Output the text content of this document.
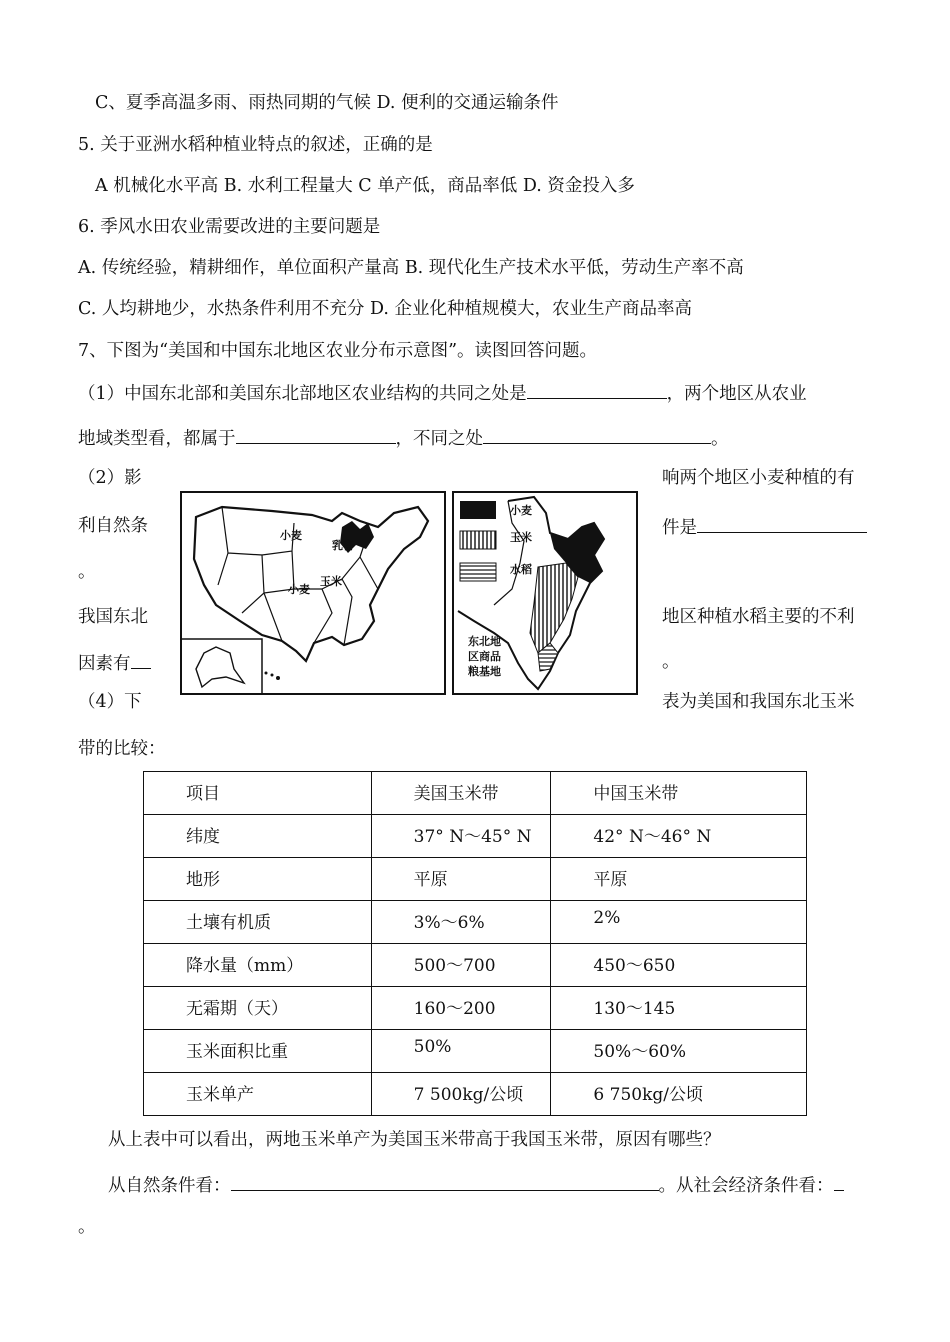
C、夏季高温多雨、雨热同期的气候 D. 便利的交通运输条件
5. 关于亚洲水稻种植业特点的叙述，正确的是
A 机械化水平高 B. 水利工程量大 C 单产低，商品率低 D. 资金投入多
6. 季风水田农业需要改进的主要问题是
A. 传统经验，精耕细作，单位面积产量高 B. 现代化生产技术水平低，劳动生产率不高
C. 人均耕地少，水热条件利用不充分 D. 企业化种植规模大，农业生产商品率高
7、下图为“美国和中国东北地区农业分布示意图”。读图回答问题。
（1）中国东北部和美国东北部地区农业结构的共同之处是	，两个地区从农业
地域类型看，都属于	，不同之处	。
（2）影	响两个地区小麦种植的有
利自然条	件是
。
我国东北	地区种植水稻主要的不利
因素有	。
（4）下	表为美国和我国东北玉米
带的比较：
小麦
乳畜
小麦
玉米
小麦
玉米
水稻
东北地
区商品
粮基地
项目	美国玉米带	中国玉米带

纬度	37° N～45° N	42° N～46° N

地形	平原	平原

土壤有机质	3%～6%	2%

降水量（mm）	500～700	450～650

无霜期（天）	160～200	130～145

玉米面积比重	50%	50%～60%

玉米单产	7 500kg/公顷	6 750kg/公顷
从上表中可以看出，两地玉米单产为美国玉米带高于我国玉米带，原因有哪些？
从自然条件看：	。从社会经济条件看：
。
